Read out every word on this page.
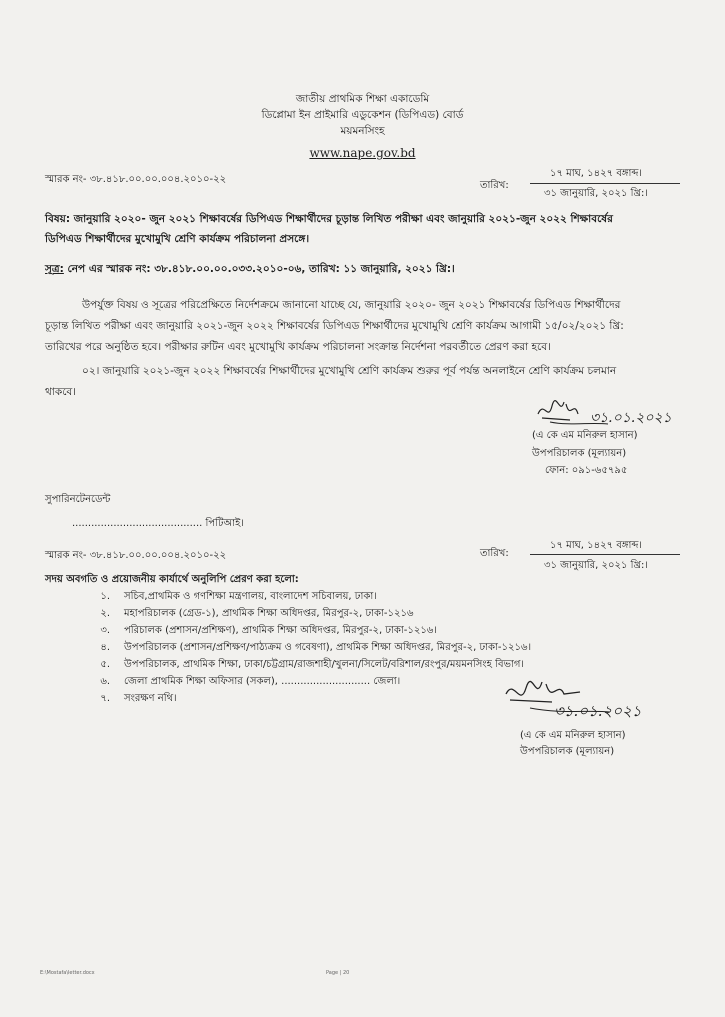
জাতীয় প্রাথমিক শিক্ষা একাডেমি
ডিপ্লোমা ইন প্রাইমারি এডুকেশন (ডিপিএড) বোর্ড
ময়মনসিংহ
www.nape.gov.bd
স্মারক নং- ৩৮.৪১৮.০০.০০.০০৪.২০১০-২২
তারিখ:
১৭ মাঘ, ১৪২৭ বঙ্গাব্দ।
৩১ জানুয়ারি, ২০২১ খ্রি:।
বিষয়: জানুয়ারি ২০২০- জুন ২০২১ শিক্ষাবর্ষের ডিপিএড শিক্ষার্থীদের চূড়ান্ত লিখিত পরীক্ষা এবং জানুয়ারি ২০২১-জুন ২০২২ শিক্ষাবর্ষের
ডিপিএড শিক্ষার্থীদের মুখোমুখি শ্রেণি কার্যক্রম পরিচালনা প্রসঙ্গে।
সূত্র: নেপ এর স্মারক নং: ৩৮.৪১৮.০০.০০.০৩৩.২০১০-০৬, তারিখ: ১১ জানুয়ারি, ২০২১ খ্রি:।
উপর্যুক্ত বিষয় ও সূত্রের পরিপ্রেক্ষিতে নির্দেশক্রমে জানানো যাচ্ছে যে, জানুয়ারি ২০২০- জুন ২০২১ শিক্ষাবর্ষের ডিপিএড শিক্ষার্থীদের
চূড়ান্ত লিখিত পরীক্ষা এবং জানুয়ারি ২০২১-জুন ২০২২ শিক্ষাবর্ষের ডিপিএড শিক্ষার্থীদের মুখোমুখি শ্রেণি কার্যক্রম আগামী ১৫/০২/২০২১ খ্রি:
তারিখের পরে অনুষ্ঠিত হবে। পরীক্ষার রুটিন এবং মুখোমুখি কার্যক্রম পরিচালনা সংক্রান্ত নির্দেশনা পরবর্তীতে প্রেরণ করা হবে।
০২। জানুয়ারি ২০২১-জুন ২০২২ শিক্ষাবর্ষের শিক্ষার্থীদের মুখোমুখি শ্রেণি কার্যক্রম শুরুর পূর্ব পর্যন্ত অনলাইনে শ্রেণি কার্যক্রম চলমান
থাকবে।
৩১.০১.২০২১
(এ কে এম মনিরুল হাসান)
উপপরিচালক (মূল্যায়ন)
ফোন: ০৯১-৬৫৭৯৫
সুপারিনটেনডেন্ট
......................................... পিটিআই।
স্মারক নং- ৩৮.৪১৮.০০.০০.০০৪.২০১০-২২	তারিখ:
১৭ মাঘ, ১৪২৭ বঙ্গাব্দ।
৩১ জানুয়ারি, ২০২১ খ্রি:।
সদয় অবগতি ও প্রয়োজনীয় কার্যার্থে অনুলিপি প্রেরণ করা হলো:
১. সচিব,প্রাথমিক ও গণশিক্ষা মন্ত্রণালয়, বাংলাদেশ সচিবালয়, ঢাকা।
২. মহাপরিচালক (গ্রেড-১), প্রাথমিক শিক্ষা অধিদপ্তর, মিরপুর-২, ঢাকা-১২১৬
৩. পরিচালক (প্রশাসন/প্রশিক্ষণ), প্রাথমিক শিক্ষা অধিদপ্তর, মিরপুর-২, ঢাকা-১২১৬।
৪. উপপরিচালক (প্রশাসন/প্রশিক্ষণ/পাঠ্যক্রম ও গবেষণা), প্রাথমিক শিক্ষা অধিদপ্তর, মিরপুর-২, ঢাকা-১২১৬।
৫. উপপরিচালক, প্রাথমিক শিক্ষা, ঢাকা/চট্টগ্রাম/রাজশাহী/খুলনা/সিলেট/বরিশাল/রংপুর/ময়মনসিংহ বিভাগ।
৬. জেলা প্রাথমিক শিক্ষা অফিসার (সকল), ............................ জেলা।
৭. সংরক্ষণ নথি।
৩১.০১.২০২১
(এ কে এম মনিরুল হাসান)
উপপরিচালক (মূল্যায়ন)
E:\Mostafa\letter.docx	Page | 20
